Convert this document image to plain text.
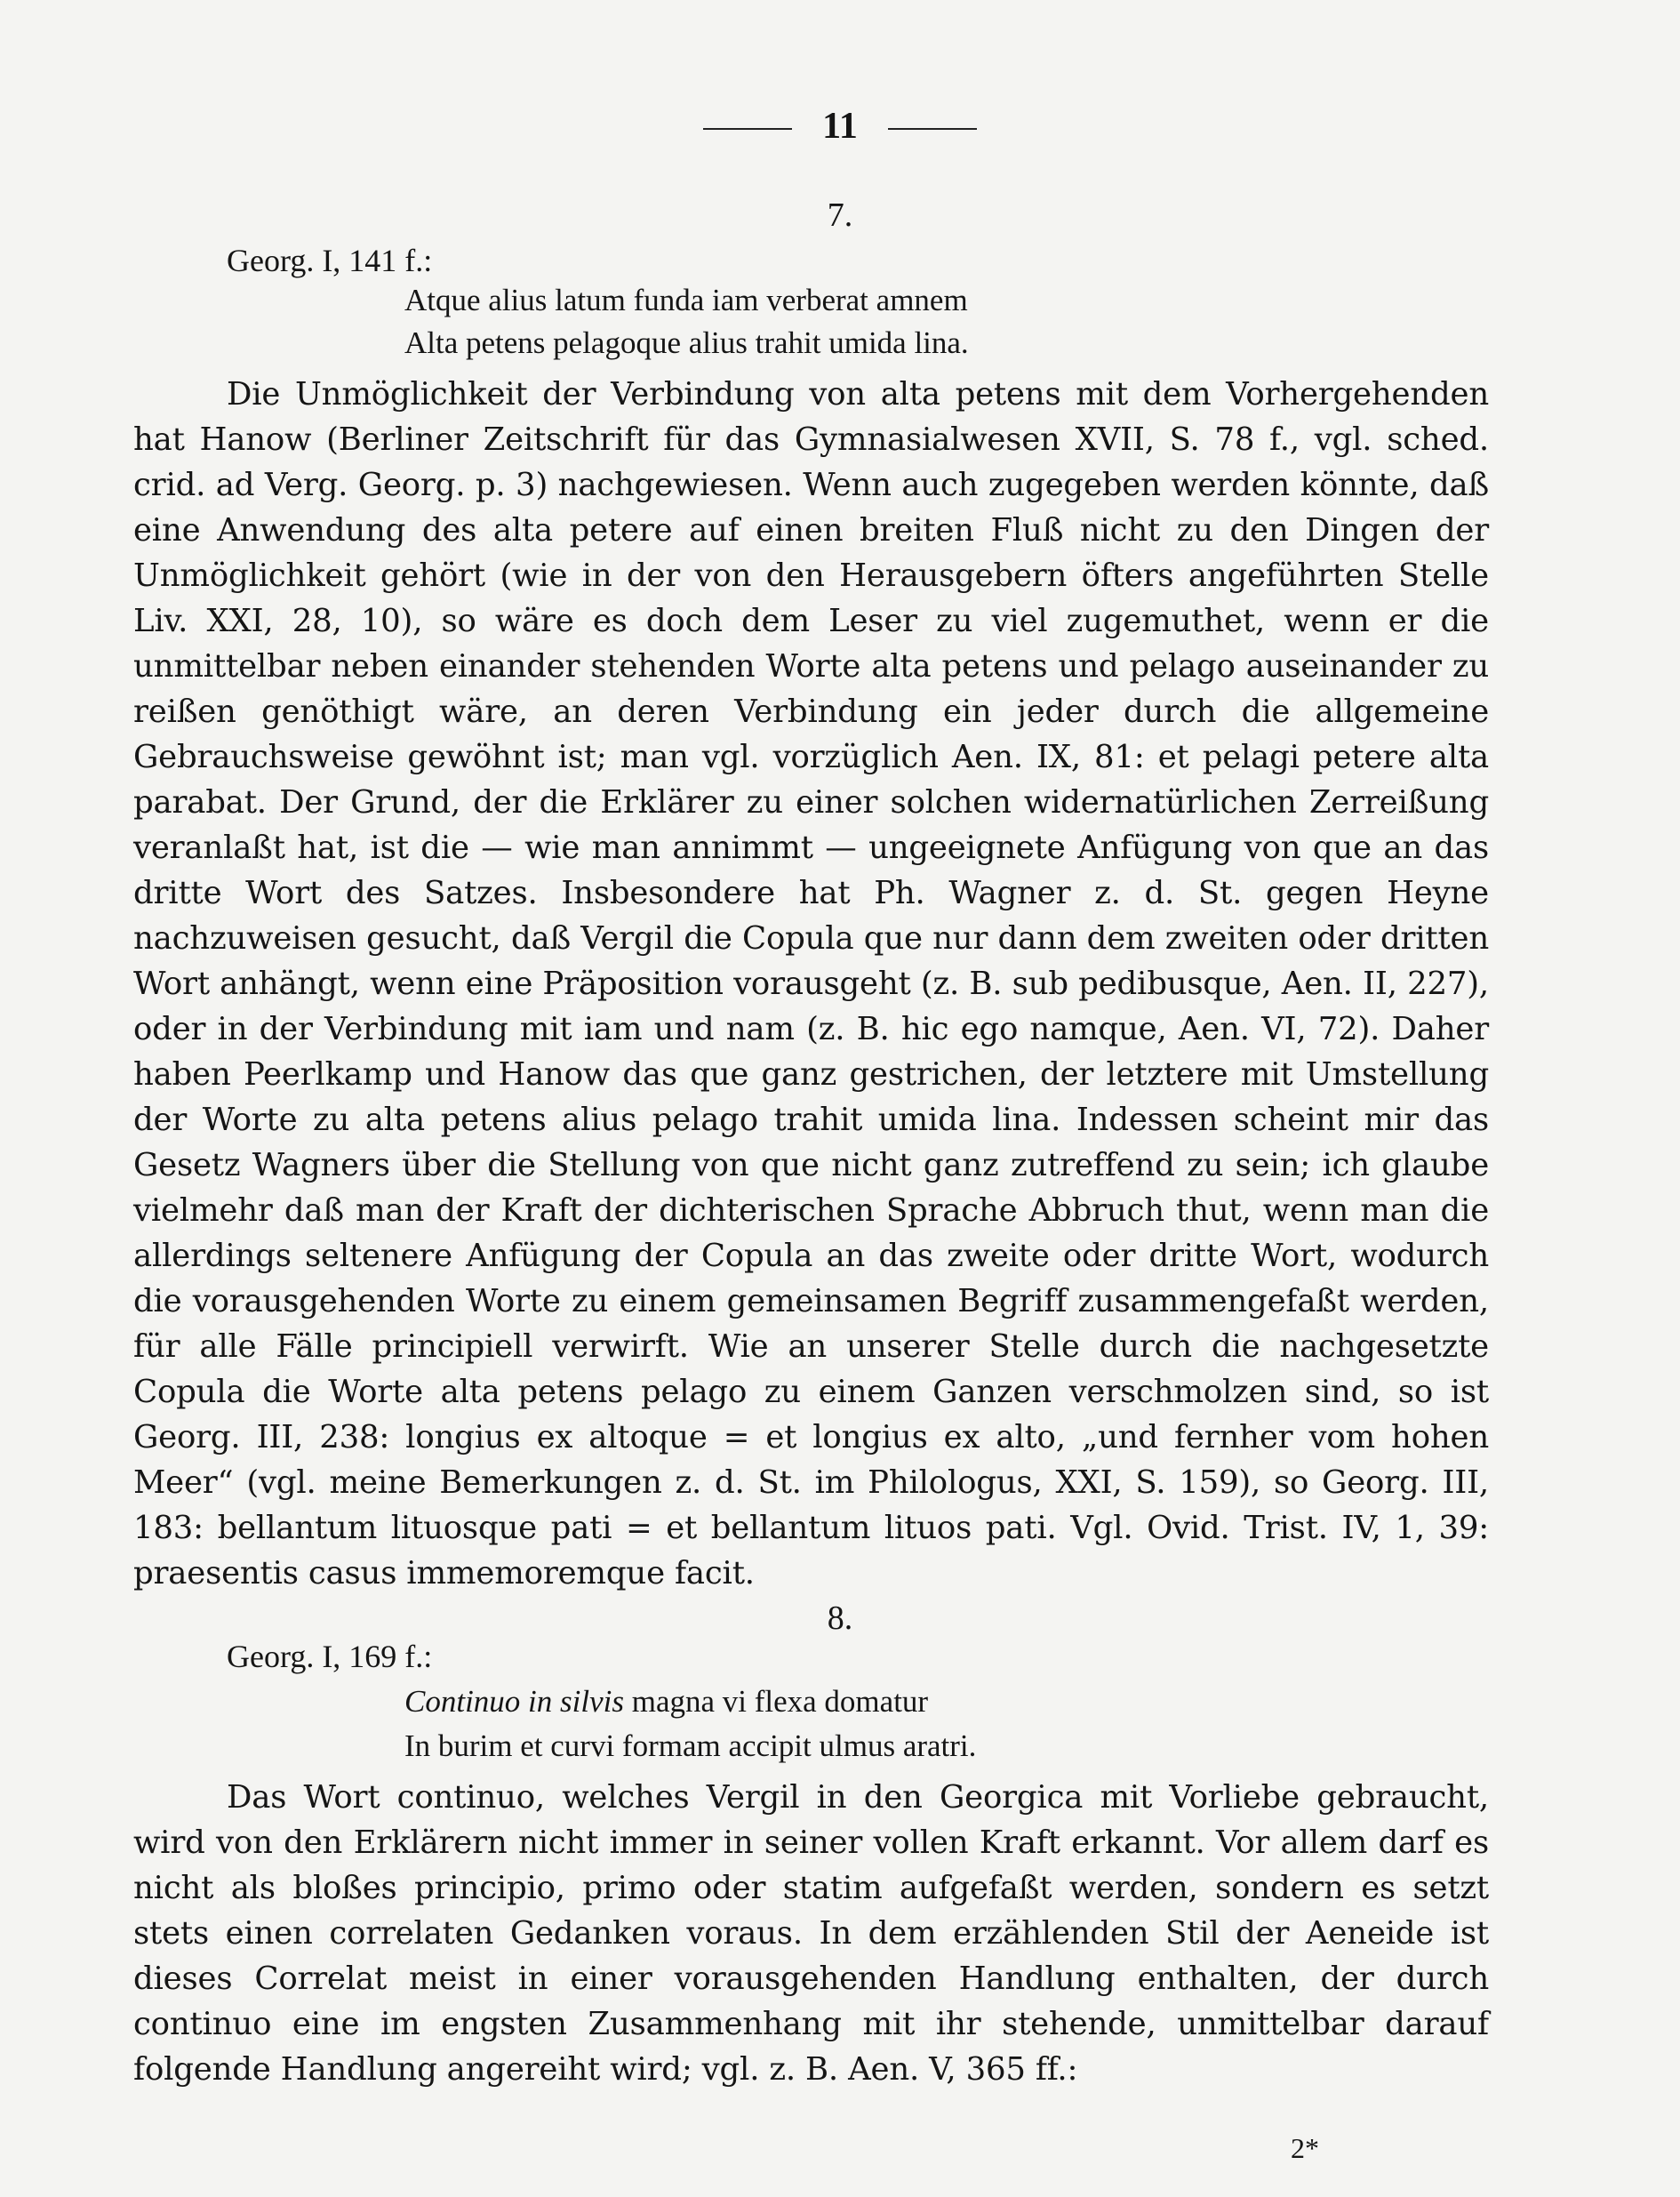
11
7.
Georg. I, 141 f.:
Atque alius latum funda iam verberat amnem
Alta petens pelagoque alius trahit umida lina.
Die Unmöglichkeit der Verbindung von alta petens mit dem Vorhergehenden hat Hanow (Berliner Zeitschrift für das Gymnasialwesen XVII, S. 78 f., vgl. sched. crid. ad Verg. Georg. p. 3) nachgewiesen. Wenn auch zugegeben werden könnte, daß eine Anwendung des alta petere auf einen breiten Fluß nicht zu den Dingen der Unmöglichkeit gehört (wie in der von den Herausgebern öfters angeführten Stelle Liv. XXI, 28, 10), so wäre es doch dem Leser zu viel zugemuthet, wenn er die unmittelbar neben einander stehenden Worte alta petens und pelago auseinander zu reißen genöthigt wäre, an deren Verbindung ein jeder durch die allgemeine Gebrauchsweise gewöhnt ist; man vgl. vorzüglich Aen. IX, 81: et pelagi petere alta parabat. Der Grund, der die Erklärer zu einer solchen widernatürlichen Zerreißung veranlaßt hat, ist die — wie man annimmt — ungeeignete Anfügung von que an das dritte Wort des Satzes. Insbesondere hat Ph. Wagner z. d. St. gegen Heyne nachzuweisen gesucht, daß Vergil die Copula que nur dann dem zweiten oder dritten Wort anhängt, wenn eine Präposition vorausgeht (z. B. sub pedibusque, Aen. II, 227), oder in der Verbindung mit iam und nam (z. B. hic ego namque, Aen. VI, 72). Daher haben Peerlkamp und Hanow das que ganz gestrichen, der letztere mit Umstellung der Worte zu alta petens alius pelago trahit umida lina. Indessen scheint mir das Gesetz Wagners über die Stellung von que nicht ganz zutreffend zu sein; ich glaube vielmehr daß man der Kraft der dichterischen Sprache Abbruch thut, wenn man die allerdings seltenere Anfügung der Copula an das zweite oder dritte Wort, wodurch die vorausgehenden Worte zu einem gemeinsamen Begriff zusammengefaßt werden, für alle Fälle principiell verwirft. Wie an unserer Stelle durch die nachgesetzte Copula die Worte alta petens pelago zu einem Ganzen verschmolzen sind, so ist Georg. III, 238: longius ex altoque = et longius ex alto, „und fernher vom hohen Meer“ (vgl. meine Bemerkungen z. d. St. im Philologus, XXI, S. 159), so Georg. III, 183: bellantum lituosque pati = et bellantum lituos pati. Vgl. Ovid. Trist. IV, 1, 39: praesentis casus immemoremque facit.
8.
Georg. I, 169 f.:
Continuo in silvis magna vi flexa domatur
In burim et curvi formam accipit ulmus aratri.
Das Wort continuo, welches Vergil in den Georgica mit Vorliebe gebraucht, wird von den Erklärern nicht immer in seiner vollen Kraft erkannt. Vor allem darf es nicht als bloßes principio, primo oder statim aufgefaßt werden, sondern es setzt stets einen correlaten Gedanken voraus. In dem erzählenden Stil der Aeneide ist dieses Correlat meist in einer vorausgehenden Handlung enthalten, der durch continuo eine im engsten Zusammenhang mit ihr stehende, unmittelbar darauf folgende Handlung angereiht wird; vgl. z. B. Aen. V, 365 ff.:
2*
